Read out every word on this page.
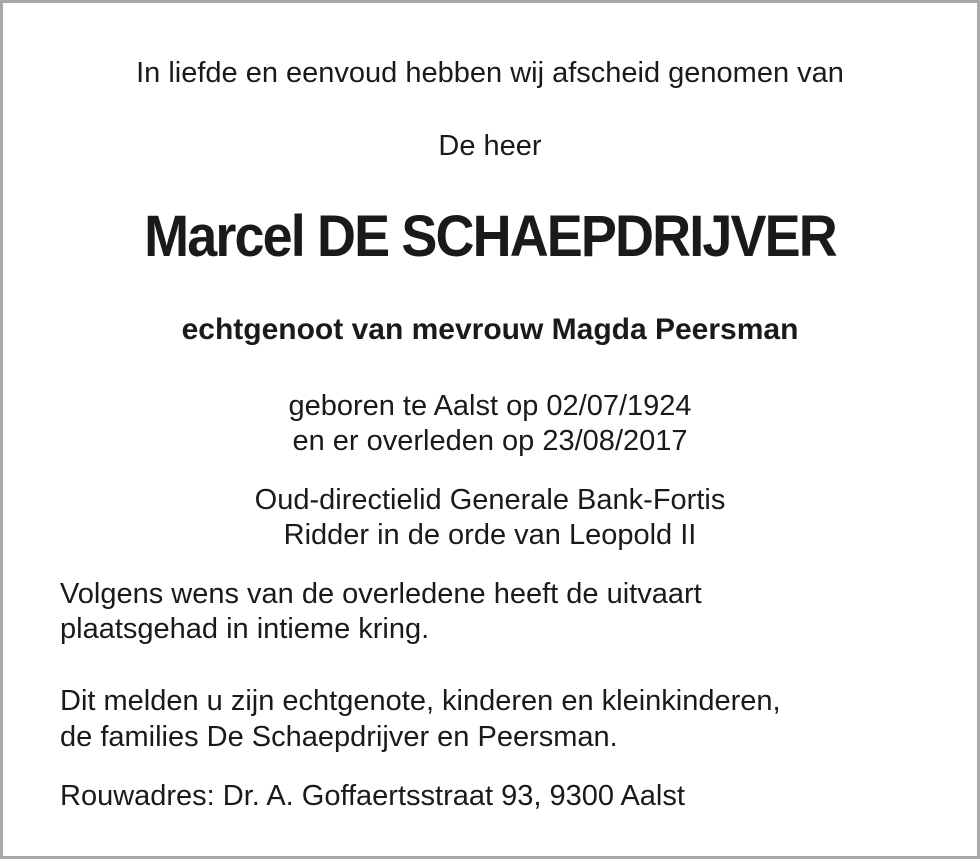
In liefde en eenvoud hebben wij afscheid genomen van
De heer
Marcel DE SCHAEPDRIJVER
echtgenoot van mevrouw Magda Peersman
geboren te Aalst op 02/07/1924
en er overleden op 23/08/2017
Oud-directielid Generale Bank-Fortis
Ridder in de orde van Leopold II
Volgens wens van de overledene heeft de uitvaart
plaatsgehad in intieme kring.
Dit melden u zijn echtgenote, kinderen en kleinkinderen,
de families De Schaepdrijver en Peersman.
Rouwadres: Dr. A. Goffaertsstraat 93, 9300 Aalst
